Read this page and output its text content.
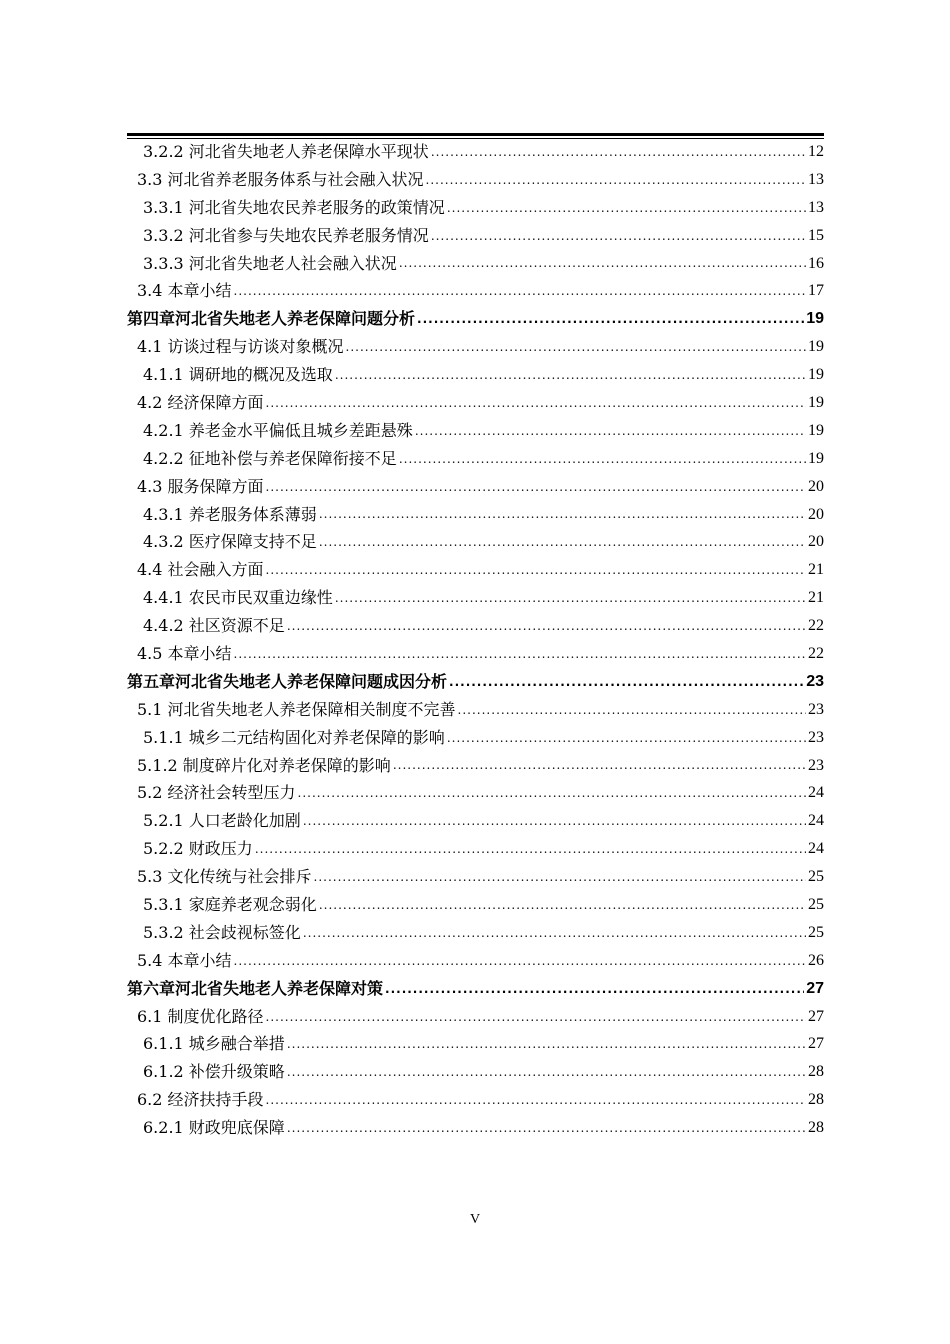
3.2.2 河北省失地老人养老保障水平现状 .....	12
3.3 河北省养老服务体系与社会融入状况 .....	13
3.3.1 河北省失地农民养老服务的政策情况 .....	13
3.3.2 河北省参与失地农民养老服务情况 .....	15
3.3.3 河北省失地老人社会融入状况 .....	16
3.4 本章小结 .....	17
第四章河北省失地老人养老保障问题分析 .....	19
4.1 访谈过程与访谈对象概况 .....	19
4.1.1 调研地的概况及选取 .....	19
4.2 经济保障方面 .....	19
4.2.1 养老金水平偏低且城乡差距悬殊 .....	19
4.2.2 征地补偿与养老保障衔接不足 .....	19
4.3 服务保障方面 .....	20
4.3.1 养老服务体系薄弱 .....	20
4.3.2 医疗保障支持不足 .....	20
4.4 社会融入方面 .....	21
4.4.1 农民市民双重边缘性 .....	21
4.4.2 社区资源不足 .....	22
4.5 本章小结 .....	22
第五章河北省失地老人养老保障问题成因分析 .....	23
5.1 河北省失地老人养老保障相关制度不完善 .....	23
5.1.1 城乡二元结构固化对养老保障的影响 .....	23
5.1.2 制度碎片化对养老保障的影响 .....	23
5.2 经济社会转型压力 .....	24
5.2.1 人口老龄化加剧 .....	24
5.2.2 财政压力 .....	24
5.3 文化传统与社会排斥 .....	25
5.3.1 家庭养老观念弱化 .....	25
5.3.2 社会歧视标签化 .....	25
5.4 本章小结 .....	26
第六章河北省失地老人养老保障对策 .....	27
6.1 制度优化路径 .....	27
6.1.1 城乡融合举措 .....	27
6.1.2 补偿升级策略 .....	28
6.2 经济扶持手段 .....	28
6.2.1 财政兜底保障 .....	28
V
